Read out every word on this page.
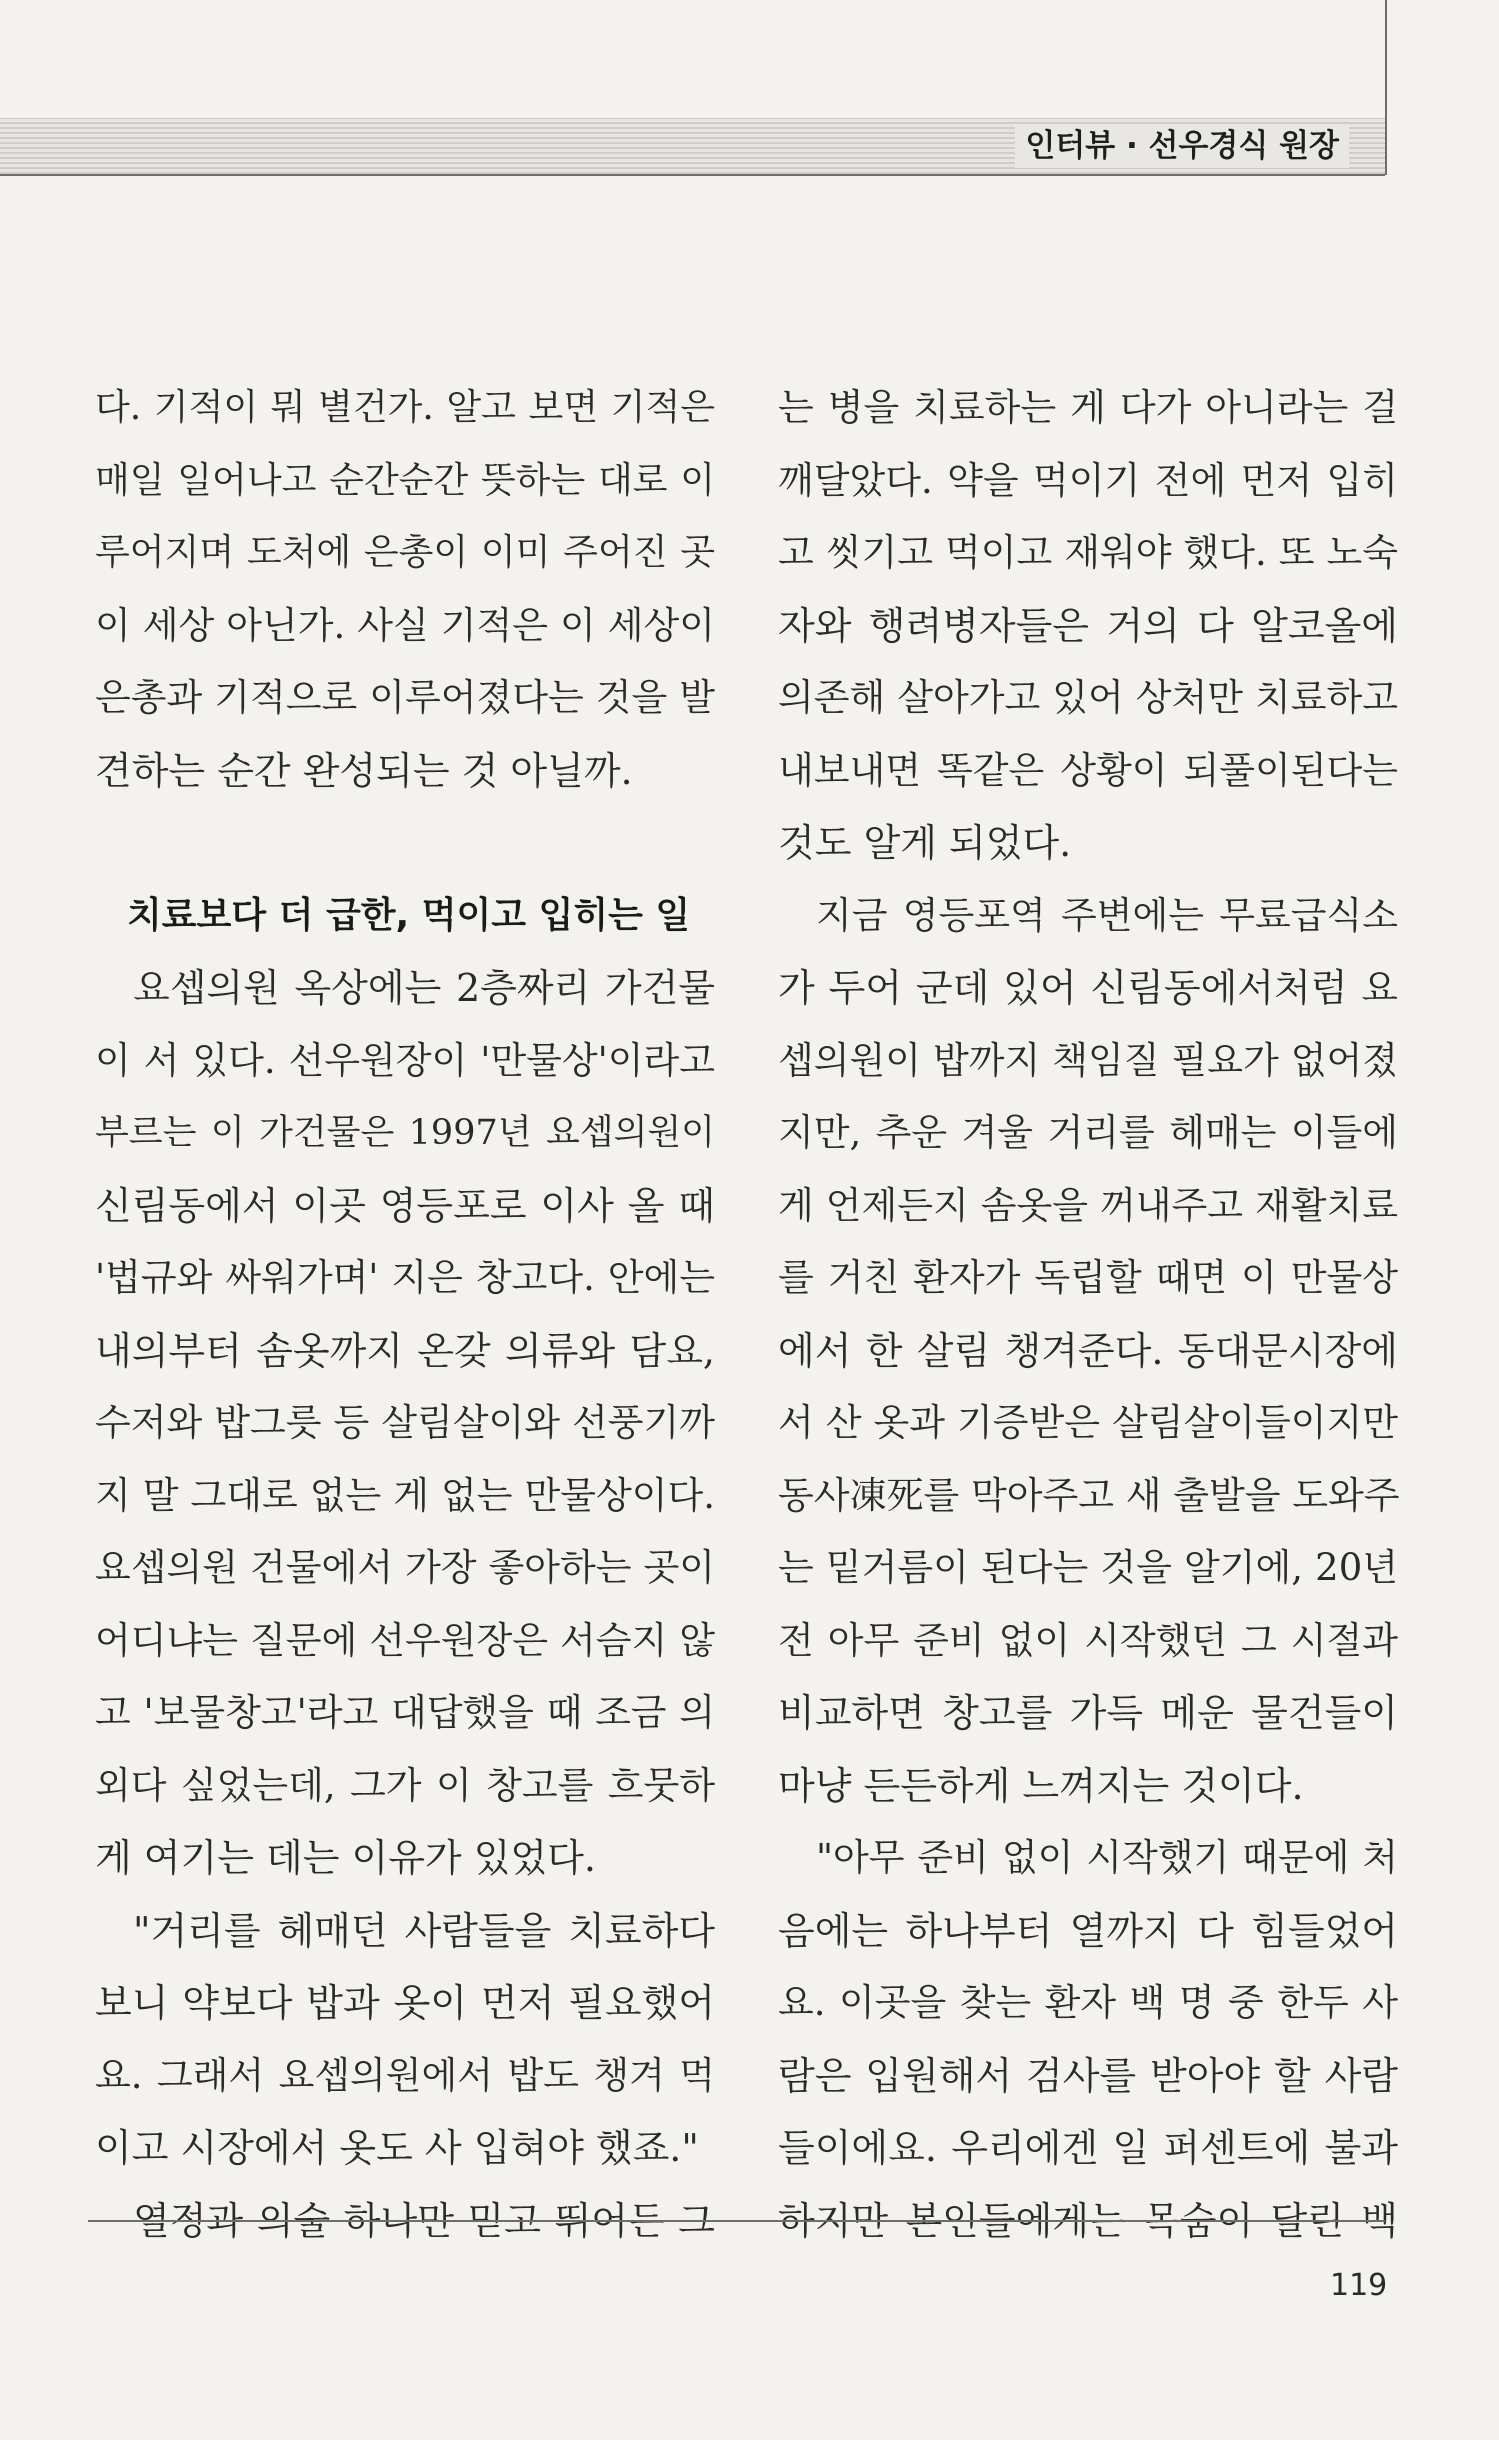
인터뷰 · 선우경식 원장
다. 기적이 뭐 별건가. 알고 보면 기적은
매일 일어나고 순간순간 뜻하는 대로 이
루어지며 도처에 은총이 이미 주어진 곳
이 세상 아닌가. 사실 기적은 이 세상이
은총과 기적으로 이루어졌다는 것을 발
견하는 순간 완성되는 것 아닐까.
치료보다 더 급한, 먹이고 입히는 일
요셉의원 옥상에는 2층짜리 가건물
이 서 있다. 선우원장이 '만물상'이라고
부르는 이 가건물은 1997년 요셉의원이
신림동에서 이곳 영등포로 이사 올 때
'법규와 싸워가며' 지은 창고다. 안에는
내의부터 솜옷까지 온갖 의류와 담요,
수저와 밥그릇 등 살림살이와 선풍기까
지 말 그대로 없는 게 없는 만물상이다.
요셉의원 건물에서 가장 좋아하는 곳이
어디냐는 질문에 선우원장은 서슴지 않
고 '보물창고'라고 대답했을 때 조금 의
외다 싶었는데, 그가 이 창고를 흐뭇하
게 여기는 데는 이유가 있었다.
"거리를 헤매던 사람들을 치료하다
보니 약보다 밥과 옷이 먼저 필요했어
요. 그래서 요셉의원에서 밥도 챙겨 먹
이고 시장에서 옷도 사 입혀야 했죠."
열정과 의술 하나만 믿고 뛰어든 그
는 병을 치료하는 게 다가 아니라는 걸
깨달았다. 약을 먹이기 전에 먼저 입히
고 씻기고 먹이고 재워야 했다. 또 노숙
자와 행려병자들은 거의 다 알코올에
의존해 살아가고 있어 상처만 치료하고
내보내면 똑같은 상황이 되풀이된다는
것도 알게 되었다.
지금 영등포역 주변에는 무료급식소
가 두어 군데 있어 신림동에서처럼 요
셉의원이 밥까지 책임질 필요가 없어졌
지만, 추운 겨울 거리를 헤매는 이들에
게 언제든지 솜옷을 꺼내주고 재활치료
를 거친 환자가 독립할 때면 이 만물상
에서 한 살림 챙겨준다. 동대문시장에
서 산 옷과 기증받은 살림살이들이지만
동사凍死를 막아주고 새 출발을 도와주
는 밑거름이 된다는 것을 알기에, 20년
전 아무 준비 없이 시작했던 그 시절과
비교하면 창고를 가득 메운 물건들이
마냥 든든하게 느껴지는 것이다.
"아무 준비 없이 시작했기 때문에 처
음에는 하나부터 열까지 다 힘들었어
요. 이곳을 찾는 환자 백 명 중 한두 사
람은 입원해서 검사를 받아야 할 사람
들이에요. 우리에겐 일 퍼센트에 불과
하지만 본인들에게는 목숨이 달린 백
119
